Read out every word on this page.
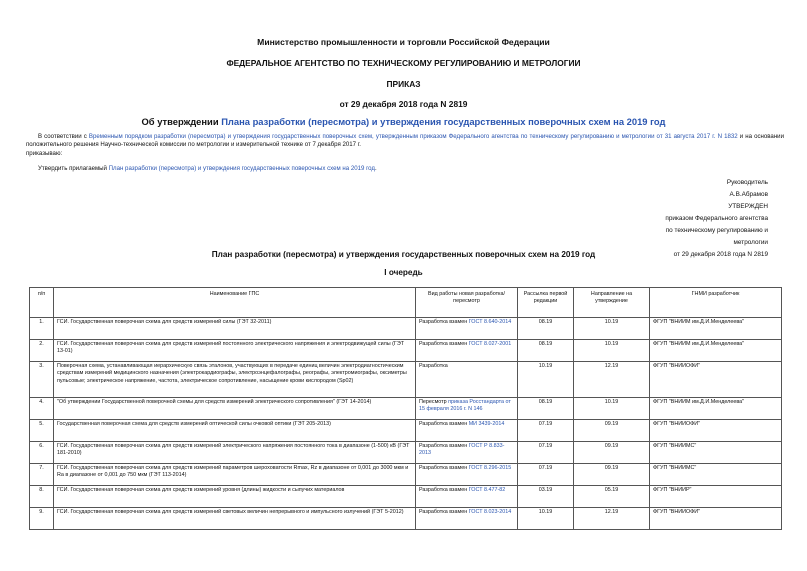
Министерство промышленности и торговли Российской Федерации
ФЕДЕРАЛЬНОЕ АГЕНТСТВО ПО ТЕХНИЧЕСКОМУ РЕГУЛИРОВАНИЮ И МЕТРОЛОГИИ
ПРИКАЗ
от 29 декабря 2018 года N 2819
Об утверждении Плана разработки (пересмотра) и утверждения государственных поверочных схем на 2019 год
В соответствии с Временным порядком разработки (пересмотра) и утверждения государственных поверочных схем, утвержденным приказом Федерального агентства по техническому регулированию и метрологии от 31 августа 2017 г. N 1832 и на основании положительного решения Научно-технической комиссии по метрологии и измерительной технике от 7 декабря 2017 г.
приказываю:
Утвердить прилагаемый План разработки (пересмотра) и утверждения государственных поверочных схем на 2019 год.
Руководитель
А.В.Абрамов
УТВЕРЖДЕН
приказом Федерального агентства
по техническому регулированию и
метрологии
от 29 декабря 2018 года N 2819
План разработки (пересмотра) и утверждения государственных поверочных схем на 2019 год
I очередь
п/п	Наименование ГПС	Вид работы новая разработка/ пересмотр	Рассылка первой редакции	Направление на утверждение	ГНМИ разработчик
1.	ГСИ. Государственная поверочная схема для средств измерений силы (ГЭТ 32-2011)	Разработка взамен ГОСТ 8.640-2014	08.19	10.19	ФГУП "ВНИИМ им.Д.И.Менделеева"
2.	ГСИ. Государственная поверочная схема для средств измерений постоянного электрического напряжения и электродвижущей силы (ГЭТ 13-01)	Разработка взамен ГОСТ 8.027-2001	08.19	10.19	ФГУП "ВНИИМ им.Д.И.Менделеева"
3.	Поверочная схема, устанавливающая иерархическую связь эталонов, участвующих в передаче единиц величин электродиагностическим средствам измерений медицинского назначения (электрокардиографы, электроэнцефалографы, реографы, электромиографы, оксиметры пульсовые; электрическое напряжение, частота, электрическое сопротивление, насыщение крови кислородом (Sp02)	Разработка	10.19	12.19	ФГУП "ВНИИОФИ"
4.	"Об утверждении Государственной поверочной схемы для средств измерений электрического сопротивления" (ГЭТ 14-2014)	Пересмотр приказа Росстандарта от 15 февраля 2016 г. N 146	08.19	10.19	ФГУП "ВНИИМ им.Д.И.Менделеева"
5.	Государственная поверочная схема для средств измерений оптической силы очковой оптики (ГЭТ 205-2013)	Разработка взамен МИ 3439-2014	07.19	09.19	ФГУП "ВНИИОФИ"
6.	ГСИ. Государственная поверочная схема для средств измерений электрического напряжения постоянного тока в диапазоне (1-500) кВ (ГЭТ 181-2010)	Разработка взамен ГОСТ Р 8.833-2013	07.19	09.19	ФГУП "ВНИИМС"
7.	ГСИ. Государственная поверочная схема для средств измерений параметров шероховатости Rmax, Rz в диапазоне от 0,001 до 3000 мкм и Ra в диапазоне от 0,001 до 750 мкм (ГЭТ 113-2014)	Разработка взамен ГОСТ 8.296-2015	07.19	09.19	ФГУП "ВНИИМС"
8.	ГСИ. Государственная поверочная схема для средств измерений уровня (длины) жидкости и сыпучих материалов	Разработка взамен ГОСТ 8.477-82	03.19	05.19	ФГУП "ВНИИР"
9.	ГСИ. Государственная поверочная схема для средств измерений световых величин непрерывного и импульсного излучений (ГЭТ 5-2012)	Разработка взамен ГОСТ 8.023-2014	10.19	12.19	ФГУП "ВНИИОФИ"
